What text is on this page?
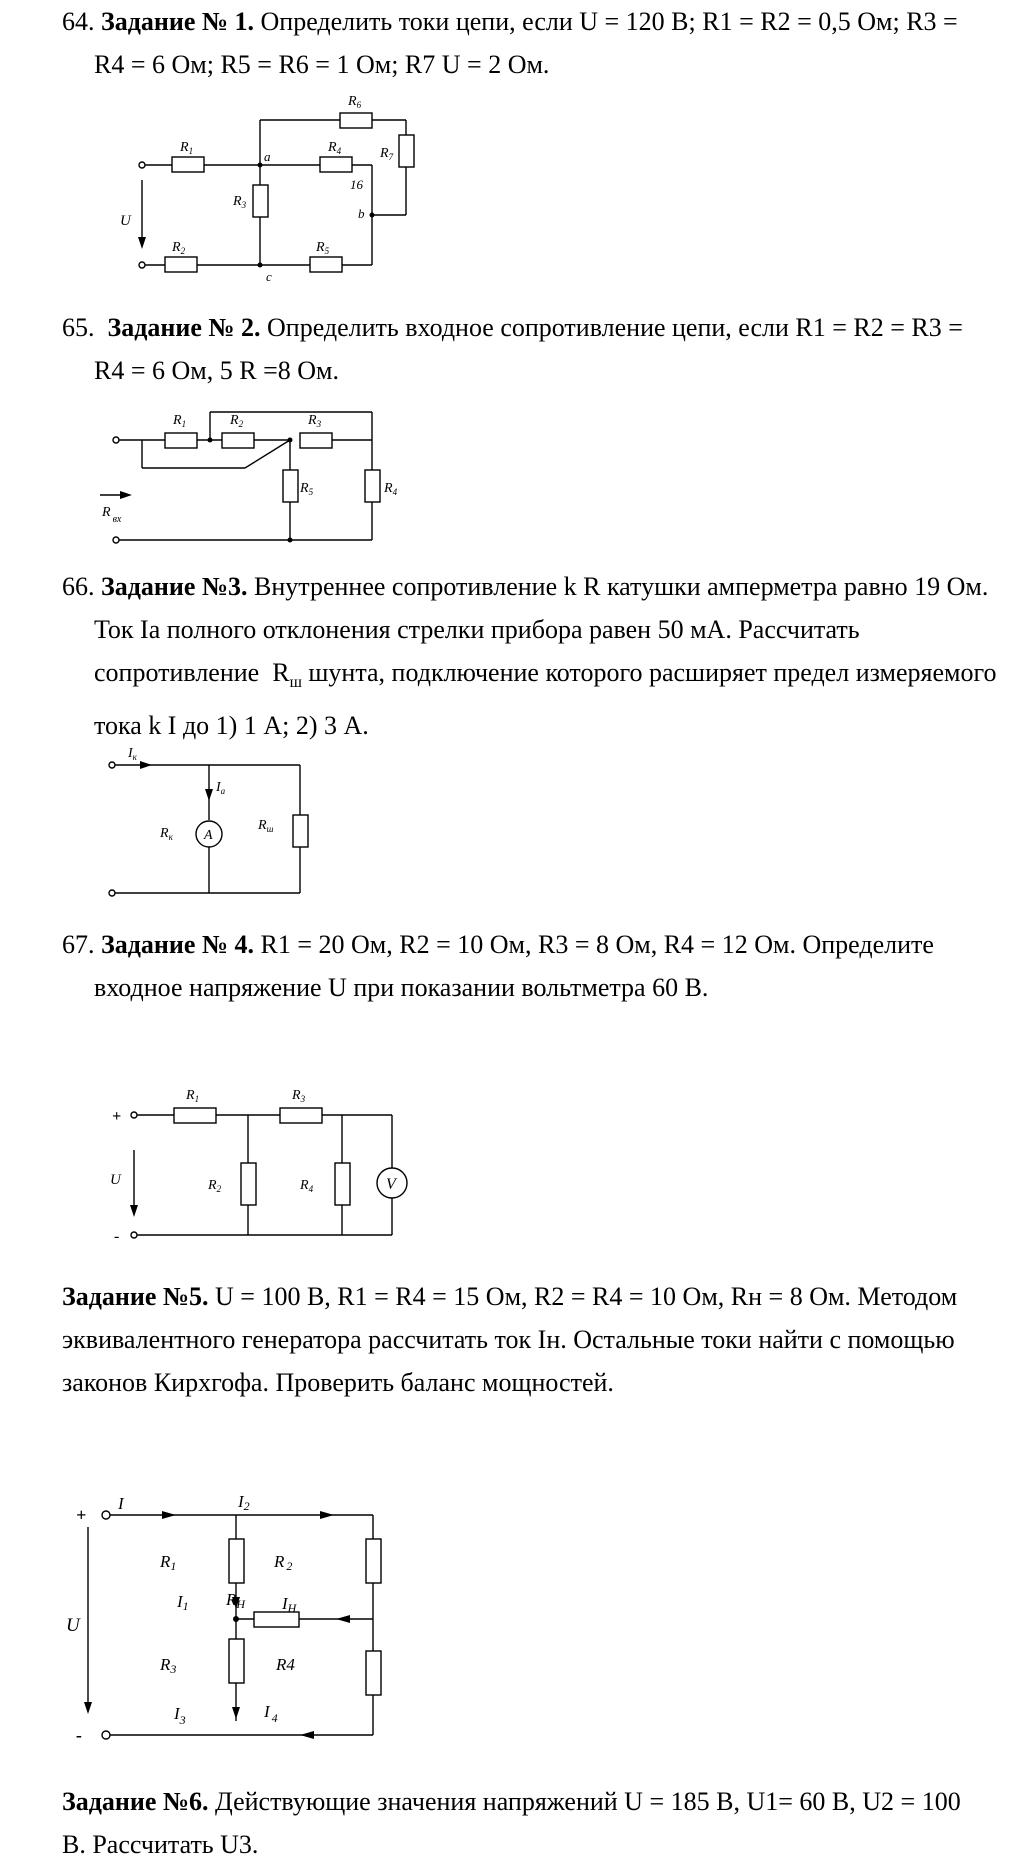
64. Задание № 1. Определить токи цепи, если U = 120 В; R1 = R2 = 0,5 Ом; R3 = R4 = 6 Ом; R5 = R6 = 1 Ом; R7 U = 2 Ом.
$R_1$	$R_4$
$R_6$
$R_7$
$R_3$
$R_2$	$R_5$
U
a
b
c
16
65. Задание № 2. Определить входное сопротивление цепи, если R1 = R2 = R3 = R4 = 6 Ом, 5 R =8 Ом.
$R_1$	$R_2$	$R_3$
$R_5$	$R_4$
R $_{вх}$
66. Задание №3. Внутреннее сопротивление k R катушки амперметра равно 19 Ом. Ток Iа полного отклонения стрелки прибора равен 50 мА. Рассчитать сопротивление $R_ш$ шунта, подключение которого расширяет предел измеряемого тока k I до 1) 1 А; 2) 3 А.
A
$I_к$
$I_a$
$R_к$
$R_ш$
67. Задание № 4. R1 = 20 Ом, R2 = 10 Ом, R3 = 8 Ом, R4 = 12 Ом. Определите входное напряжение U при показании вольтметра 60 В.
V
+
-
U
$R_1$	$R_3$
$R_2$	$R_4$
Задание №5. U = 100 В, R1 = R4 = 15 Ом, R2 = R4 = 10 Ом, Rн = 8 Ом. Методом эквивалентного генератора рассчитать ток Iн. Остальные токи найти с помощью законов Кирхгофа. Проверить баланс мощностей.
+
-
I	I2
R1	R 2
I1 RH IH
U
R3	R4
$I_3$	I $_4$
Задание №6. Действующие значения напряжений U = 185 В, U1= 60 В, U2 = 100 В. Рассчитать U3.
